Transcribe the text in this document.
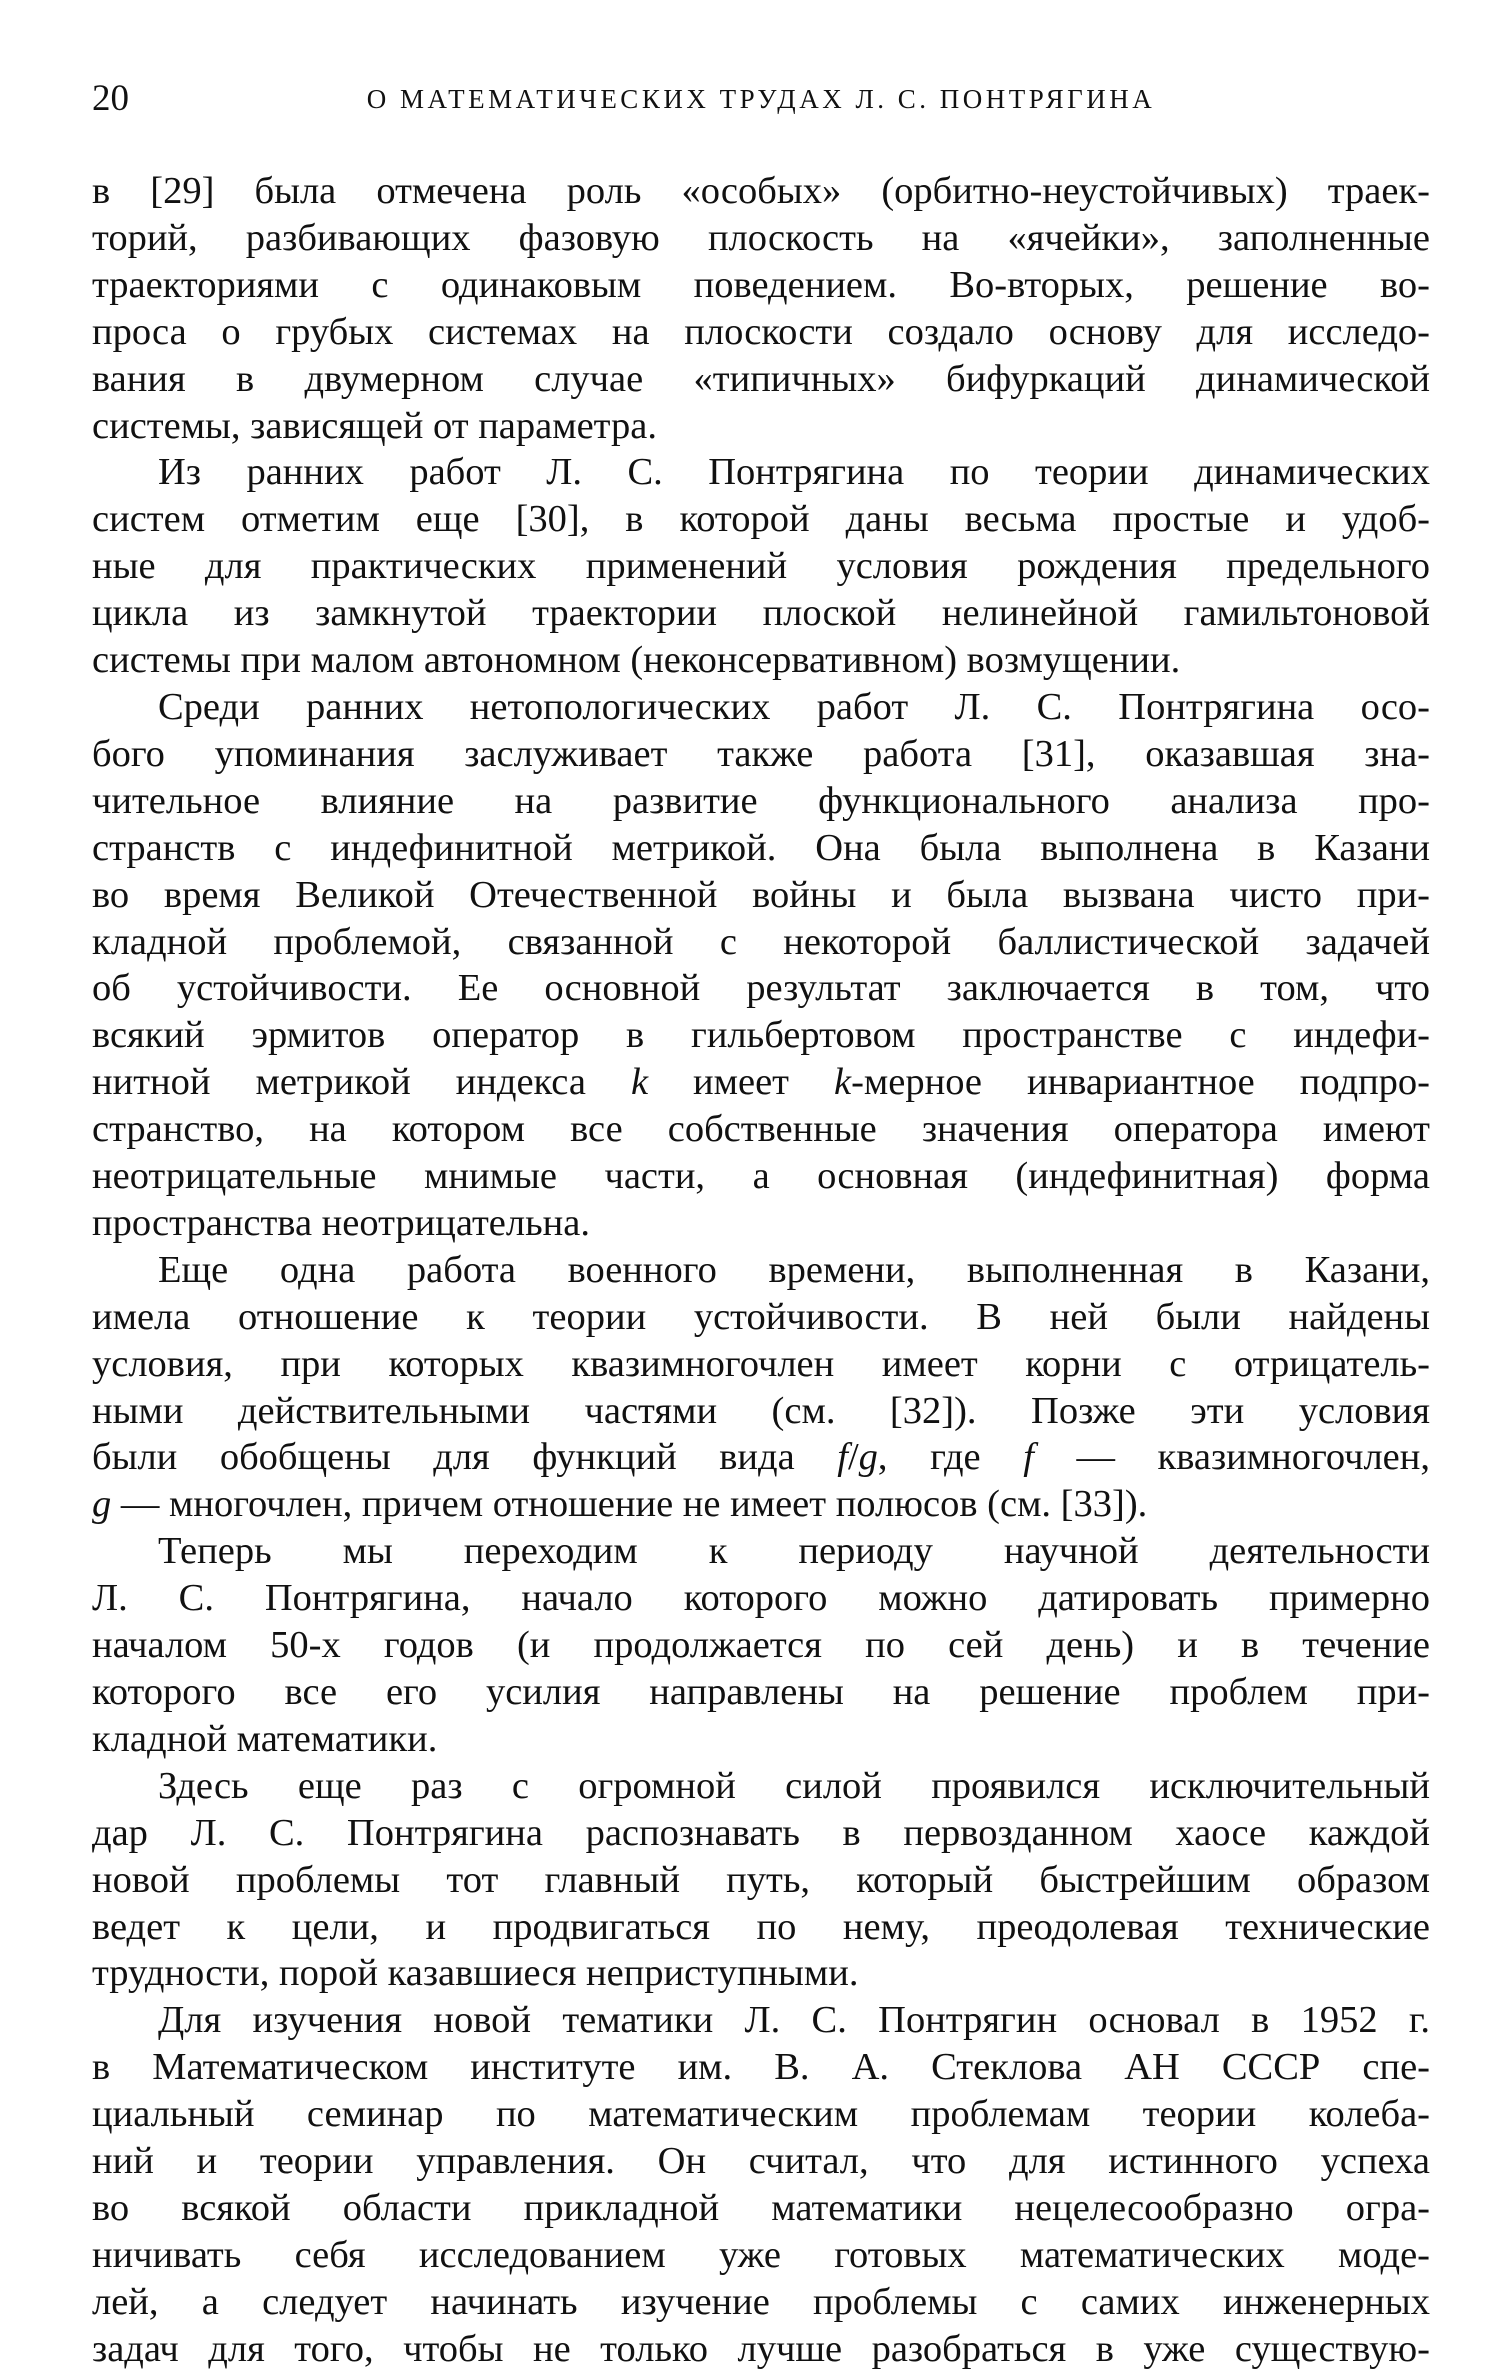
20	О МАТЕМАТИЧЕСКИХ ТРУДАХ Л. С. ПОНТРЯГИНА
в [29] была отмечена роль «особых» (орбитно-неустойчивых) траек-
торий, разбивающих фазовую плоскость на «ячейки», заполненные
траекториями с одинаковым поведением. Во-вторых, решение во-
проса о грубых системах на плоскости создало основу для исследо-
вания в двумерном случае «типичных» бифуркаций динамической
системы, зависящей от параметра.
Из ранних работ Л. С. Понтрягина по теории динамических
систем отметим еще [30], в которой даны весьма простые и удоб-
ные для практических применений условия рождения предельного
цикла из замкнутой траектории плоской нелинейной гамильтоновой
системы при малом автономном (неконсервативном) возмущении.
Среди ранних нетопологических работ Л. С. Понтрягина осо-
бого упоминания заслуживает также работа [31], оказавшая зна-
чительное влияние на развитие функционального анализа про-
странств с индефинитной метрикой. Она была выполнена в Казани
во время Великой Отечественной войны и была вызвана чисто при-
кладной проблемой, связанной с некоторой баллистической задачей
об устойчивости. Ее основной результат заключается в том, что
всякий эрмитов оператор в гильбертовом пространстве с индефи-
нитной метрикой индекса k имеет k-мерное инвариантное подпро-
странство, на котором все собственные значения оператора имеют
неотрицательные мнимые части, а основная (индефинитная) форма
пространства неотрицательна.
Еще одна работа военного времени, выполненная в Казани,
имела отношение к теории устойчивости. В ней были найдены
условия, при которых квазимногочлен имеет корни с отрицатель-
ными действительными частями (см. [32]). Позже эти условия
были обобщены для функций вида f/g, где f — квазимногочлен,
g — многочлен, причем отношение не имеет полюсов (см. [33]).
Теперь мы переходим к периоду научной деятельности
Л. С. Понтрягина, начало которого можно датировать примерно
началом 50-х годов (и продолжается по сей день) и в течение
которого все его усилия направлены на решение проблем при-
кладной математики.
Здесь еще раз с огромной силой проявился исключительный
дар Л. С. Понтрягина распознавать в первозданном хаосе каждой
новой проблемы тот главный путь, который быстрейшим образом
ведет к цели, и продвигаться по нему, преодолевая технические
трудности, порой казавшиеся неприступными.
Для изучения новой тематики Л. С. Понтрягин основал в 1952 г.
в Математическом институте им. В. А. Стеклова АН СССР спе-
циальный семинар по математическим проблемам теории колеба-
ний и теории управления. Он считал, что для истинного успеха
во всякой области прикладной математики нецелесообразно огра-
ничивать себя исследованием уже готовых математических моде-
лей, а следует начинать изучение проблемы с самих инженерных
задач для того, чтобы не только лучше разобраться в уже существую-
